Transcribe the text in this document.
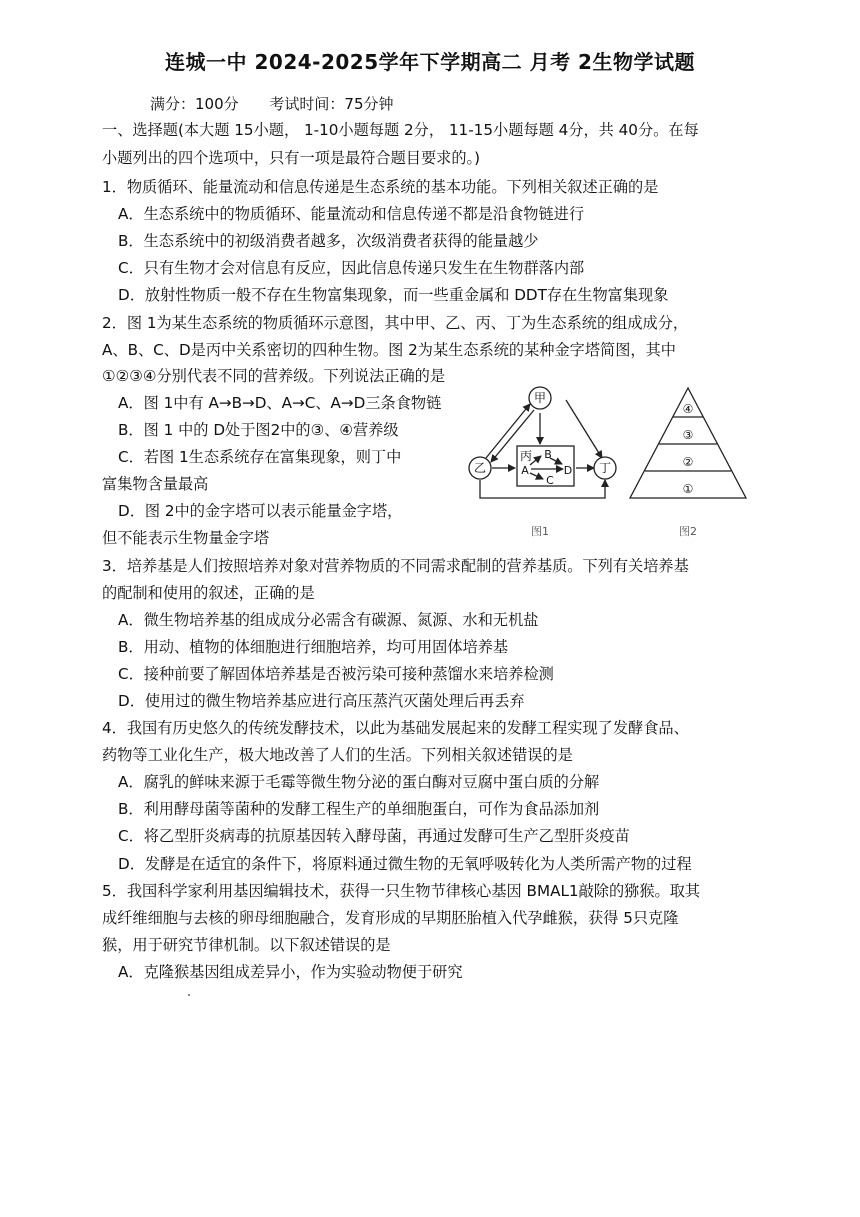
连城一中 2024-2025学年下学期高二 月考 2生物学试题
满分：100分 考试时间：75分钟
一、选择题(本大题 15小题， 1-10小题每题 2分， 11-15小题每题 4分，共 40分。在每
小题列出的四个选项中，只有一项是最符合题目要求的。)
1．物质循环、能量流动和信息传递是生态系统的基本功能。下列相关叙述正确的是
A．生态系统中的物质循环、能量流动和信息传递不都是沿食物链进行
B．生态系统中的初级消费者越多，次级消费者获得的能量越少
C．只有生物才会对信息有反应，因此信息传递只发生在生物群落内部
D．放射性物质一般不存在生物富集现象，而一些重金属和 DDT存在生物富集现象
2．图 1为某生态系统的物质循环示意图，其中甲、乙、丙、丁为生态系统的组成成分，
A、B、C、D是丙中关系密切的四种生物。图 2为某生态系统的某种金字塔简图，其中
①②③④分别代表不同的营养级。下列说法正确的是
A．图 1中有 A→B→D、A→C、A→D三条食物链
B．图 1 中的 D处于图2中的③、④营养级
C．若图 1生态系统存在富集现象，则丁中
富集物含量最高
D．图 2中的金字塔可以表示能量金字塔，
但不能表示生物量金字塔
甲
乙	丁
丙
A
B
C
D
图1
④
③
②
①
图2
3．培养基是人们按照培养对象对营养物质的不同需求配制的营养基质。下列有关培养基
的配制和使用的叙述，正确的是
A．微生物培养基的组成成分必需含有碳源、氮源、水和无机盐
B．用动、植物的体细胞进行细胞培养，均可用固体培养基
C．接种前要了解固体培养基是否被污染可接种蒸馏水来培养检测
D．使用过的微生物培养基应进行高压蒸汽灭菌处理后再丢弃
4．我国有历史悠久的传统发酵技术，以此为基础发展起来的发酵工程实现了发酵食品、
药物等工业化生产，极大地改善了人们的生活。下列相关叙述错误的是
A．腐乳的鲜味来源于毛霉等微生物分泌的蛋白酶对豆腐中蛋白质的分解
B．利用酵母菌等菌种的发酵工程生产的单细胞蛋白，可作为食品添加剂
C．将乙型肝炎病毒的抗原基因转入酵母菌，再通过发酵可生产乙型肝炎疫苗
D．发酵是在适宜的条件下，将原料通过微生物的无氧呼吸转化为人类所需产物的过程
5．我国科学家利用基因编辑技术，获得一只生物节律核心基因 BMAL1敲除的猕猴。取其
成纤维细胞与去核的卵母细胞融合，发育形成的早期胚胎植入代孕雌猴，获得 5只克隆
猴，用于研究节律机制。以下叙述错误的是
A．克隆猴基因组成差异小，作为实验动物便于研究
